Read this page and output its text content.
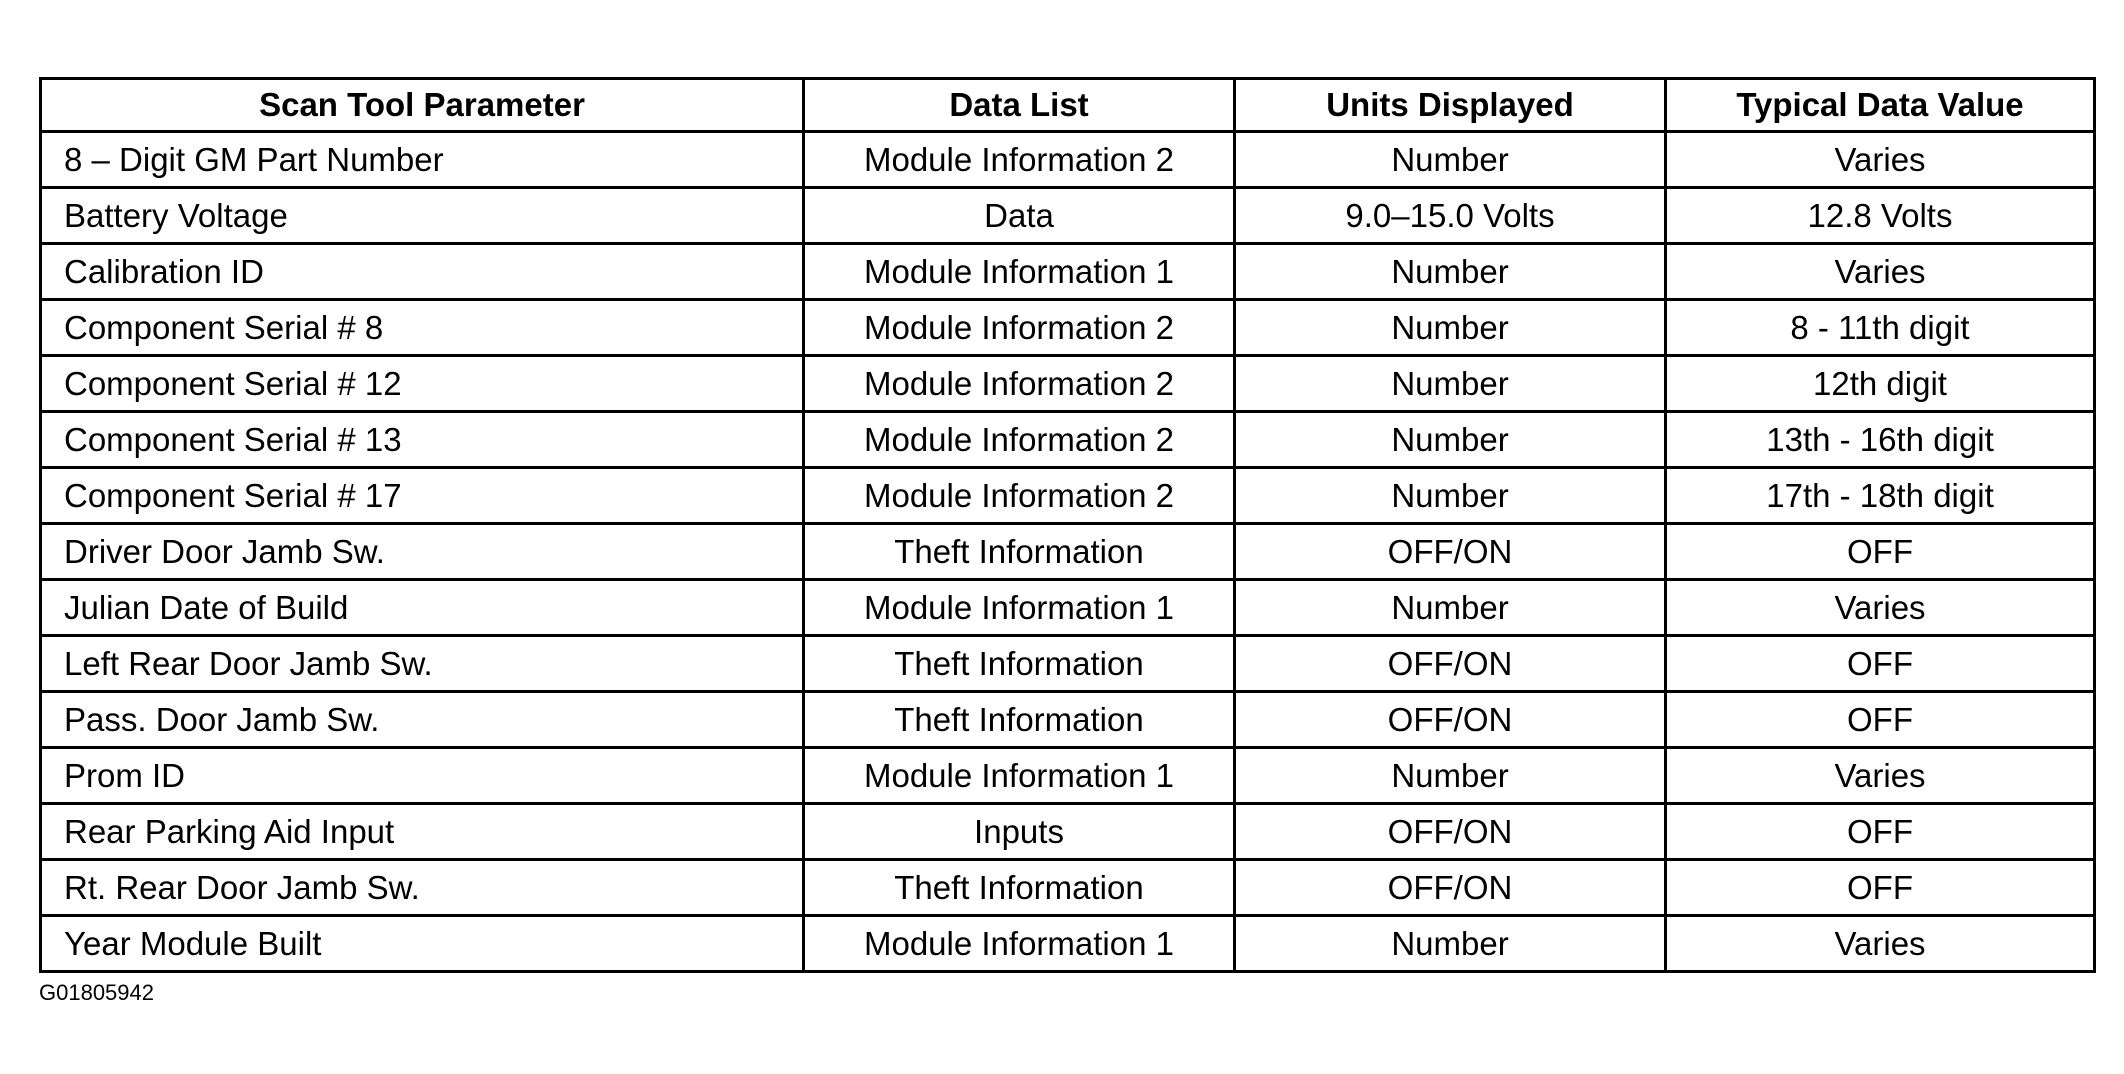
Scan Tool Parameter	Data List	Units Displayed	Typical Data Value
8 – Digit GM Part Number	Module Information 2	Number	Varies
Battery Voltage	Data	9.0–15.0 Volts	12.8 Volts
Calibration ID	Module Information 1	Number	Varies
Component Serial # 8	Module Information 2	Number	8 - 11th digit
Component Serial # 12	Module Information 2	Number	12th digit
Component Serial # 13	Module Information 2	Number	13th - 16th digit
Component Serial # 17	Module Information 2	Number	17th - 18th digit
Driver Door Jamb Sw.	Theft Information	OFF/ON	OFF
Julian Date of Build	Module Information 1	Number	Varies
Left Rear Door Jamb Sw.	Theft Information	OFF/ON	OFF
Pass. Door Jamb Sw.	Theft Information	OFF/ON	OFF
Prom ID	Module Information 1	Number	Varies
Rear Parking Aid Input	Inputs	OFF/ON	OFF
Rt. Rear Door Jamb Sw.	Theft Information	OFF/ON	OFF
Year Module Built	Module Information 1	Number	Varies
G01805942
